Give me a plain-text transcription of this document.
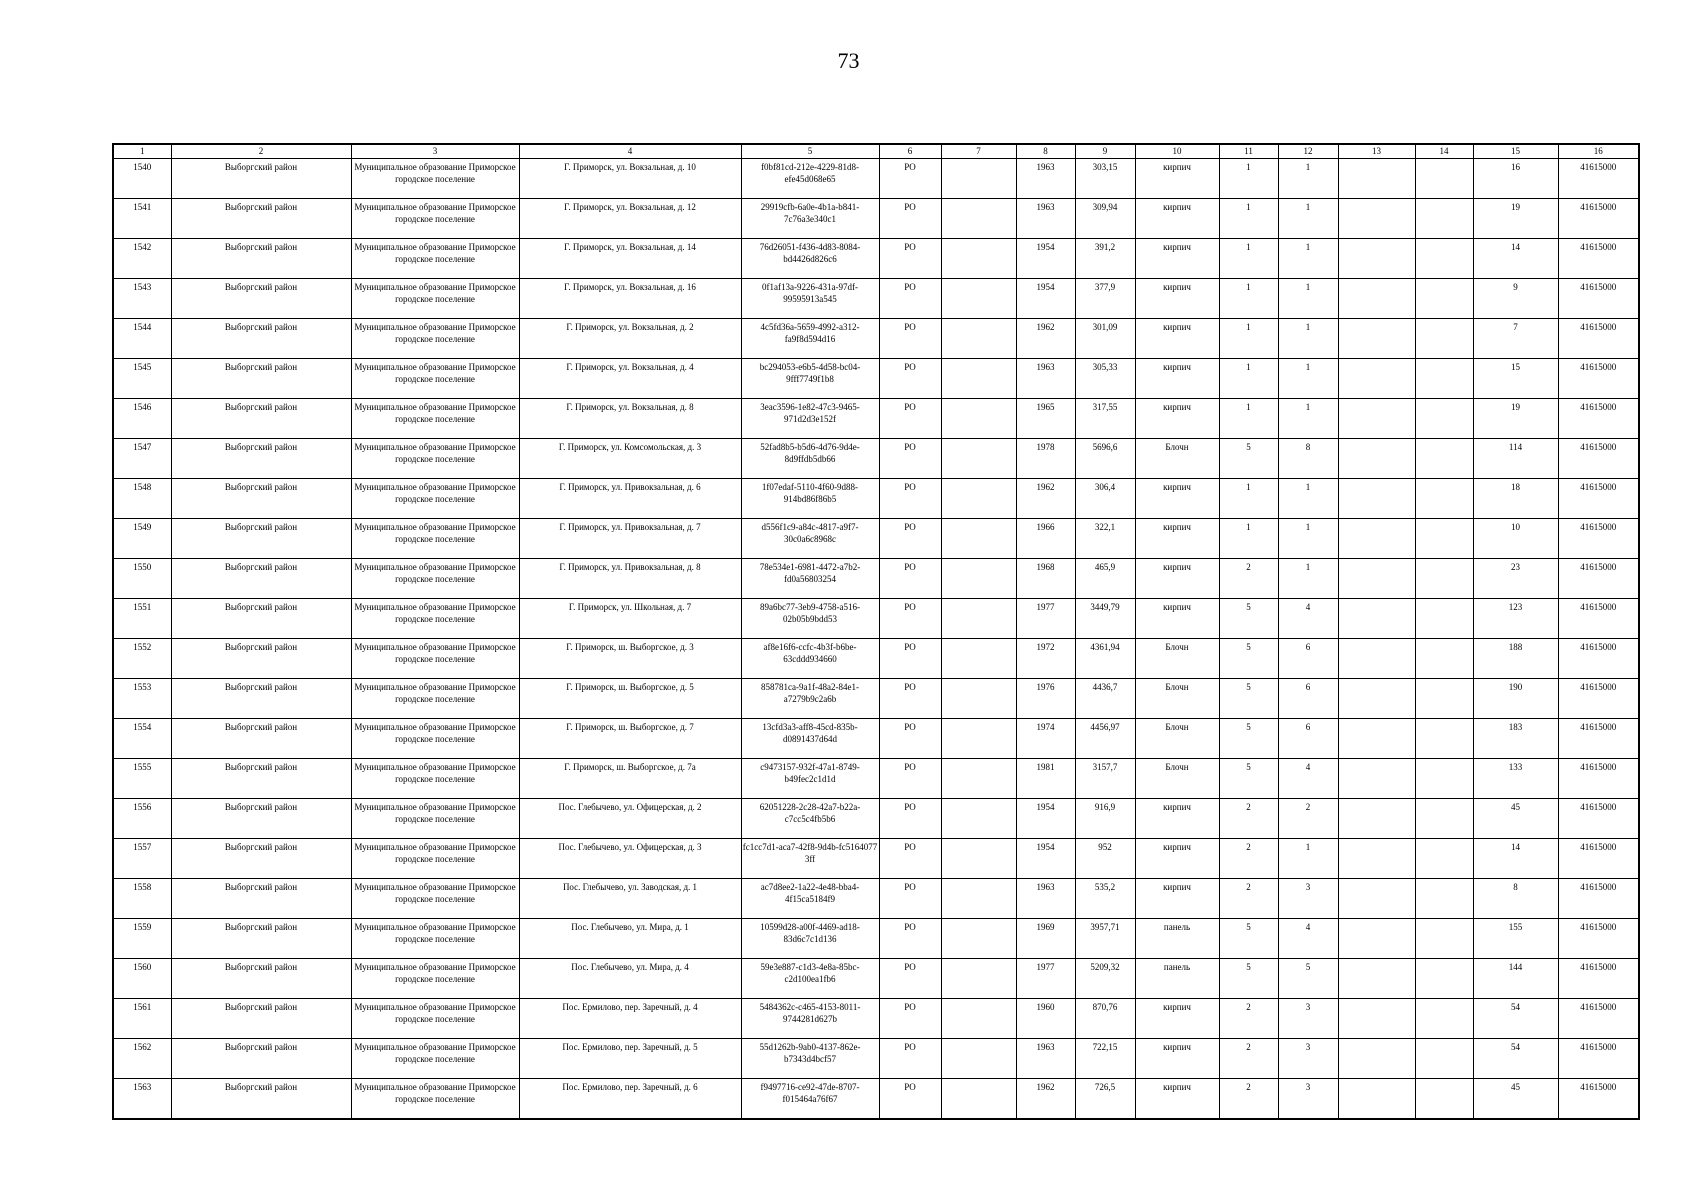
73
1	2	3	4	5	6	7	8	9	10	11	12	13	14	15	16
1540	Выборгский район	Муниципальное образование Приморское городское поселение	Г. Приморск, ул. Вокзальная, д. 10	f0bf81cd-212e-4229-81d8-efe45d068e65	РО		1963	303,15	кирпич	1	1			16	41615000
1541	Выборгский район	Муниципальное образование Приморское городское поселение	Г. Приморск, ул. Вокзальная, д. 12	29919cfb-6a0e-4b1a-b841-7c76a3e340c1	РО		1963	309,94	кирпич	1	1			19	41615000
1542	Выборгский район	Муниципальное образование Приморское городское поселение	Г. Приморск, ул. Вокзальная, д. 14	76d26051-f436-4d83-8084-bd4426d826c6	РО		1954	391,2	кирпич	1	1			14	41615000
1543	Выборгский район	Муниципальное образование Приморское городское поселение	Г. Приморск, ул. Вокзальная, д. 16	0f1af13a-9226-431a-97df-99595913a545	РО		1954	377,9	кирпич	1	1			9	41615000
1544	Выборгский район	Муниципальное образование Приморское городское поселение	Г. Приморск, ул. Вокзальная, д. 2	4c5fd36a-5659-4992-a312-fa9f8d594d16	РО		1962	301,09	кирпич	1	1			7	41615000
1545	Выборгский район	Муниципальное образование Приморское городское поселение	Г. Приморск, ул. Вокзальная, д. 4	bc294053-e6b5-4d58-bc04-9fff7749f1b8	РО		1963	305,33	кирпич	1	1			15	41615000
1546	Выборгский район	Муниципальное образование Приморское городское поселение	Г. Приморск, ул. Вокзальная, д. 8	3eac3596-1e82-47c3-9465-971d2d3e152f	РО		1965	317,55	кирпич	1	1			19	41615000
1547	Выборгский район	Муниципальное образование Приморское городское поселение	Г. Приморск, ул. Комсомольская, д. 3	52fad8b5-b5d6-4d76-9d4e-8d9ffdb5db66	РО		1978	5696,6	Блочн	5	8			114	41615000
1548	Выборгский район	Муниципальное образование Приморское городское поселение	Г. Приморск, ул. Привокзальная, д. 6	1f07edaf-5110-4f60-9d88-914bd86f86b5	РО		1962	306,4	кирпич	1	1			18	41615000
1549	Выборгский район	Муниципальное образование Приморское городское поселение	Г. Приморск, ул. Привокзальная, д. 7	d556f1c9-a84c-4817-a9f7-30c0a6c8968c	РО		1966	322,1	кирпич	1	1			10	41615000
1550	Выборгский район	Муниципальное образование Приморское городское поселение	Г. Приморск, ул. Привокзальная, д. 8	78e534e1-6981-4472-a7b2-fd0a56803254	РО		1968	465,9	кирпич	2	1			23	41615000
1551	Выборгский район	Муниципальное образование Приморское городское поселение	Г. Приморск, ул. Школьная, д. 7	89a6bc77-3eb9-4758-a516-02b05b9bdd53	РО		1977	3449,79	кирпич	5	4			123	41615000
1552	Выборгский район	Муниципальное образование Приморское городское поселение	Г. Приморск, ш. Выборгское, д. 3	af8e16f6-ccfc-4b3f-b6be-63cddd934660	РО		1972	4361,94	Блочн	5	6			188	41615000
1553	Выборгский район	Муниципальное образование Приморское городское поселение	Г. Приморск, ш. Выборгское, д. 5	858781ca-9a1f-48a2-84e1-a7279b9c2a6b	РО		1976	4436,7	Блочн	5	6			190	41615000
1554	Выборгский район	Муниципальное образование Приморское городское поселение	Г. Приморск, ш. Выборгское, д. 7	13cfd3a3-aff8-45cd-835b-d0891437d64d	РО		1974	4456,97	Блочн	5	6			183	41615000
1555	Выборгский район	Муниципальное образование Приморское городское поселение	Г. Приморск, ш. Выборгское, д. 7а	c9473157-932f-47a1-8749-b49fec2c1d1d	РО		1981	3157,7	Блочн	5	4			133	41615000
1556	Выборгский район	Муниципальное образование Приморское городское поселение	Пос. Глебычево, ул. Офицерская, д. 2	62051228-2c28-42a7-b22a-c7cc5c4fb5b6	РО		1954	916,9	кирпич	2	2			45	41615000
1557	Выборгский район	Муниципальное образование Приморское городское поселение	Пос. Глебычево, ул. Офицерская, д. 3	fc1cc7d1-aca7-42f8-9d4b-fc5164077 3ff	РО		1954	952	кирпич	2	1			14	41615000
1558	Выборгский район	Муниципальное образование Приморское городское поселение	Пос. Глебычево, ул. Заводская, д. 1	ac7d8ee2-1a22-4e48-bba4-4f15ca5184f9	РО		1963	535,2	кирпич	2	3			8	41615000
1559	Выборгский район	Муниципальное образование Приморское городское поселение	Пос. Глебычево, ул. Мира, д. 1	10599d28-a00f-4469-ad18-83d6c7c1d136	РО		1969	3957,71	панель	5	4			155	41615000
1560	Выборгский район	Муниципальное образование Приморское городское поселение	Пос. Глебычево, ул. Мира, д. 4	59e3e887-c1d3-4e8a-85bc-c2d100ea1fb6	РО		1977	5209,32	панель	5	5			144	41615000
1561	Выборгский район	Муниципальное образование Приморское городское поселение	Пос. Ермилово, пер. Заречный, д. 4	5484362c-c465-4153-8011-9744281d627b	РО		1960	870,76	кирпич	2	3			54	41615000
1562	Выборгский район	Муниципальное образование Приморское городское поселение	Пос. Ермилово, пер. Заречный, д. 5	55d1262b-9ab0-4137-862e-b7343d4bcf57	РО		1963	722,15	кирпич	2	3			54	41615000
1563	Выборгский район	Муниципальное образование Приморское городское поселение	Пос. Ермилово, пер. Заречный, д. 6	f9497716-ce92-47de-8707-f015464a76f67	РО		1962	726,5	кирпич	2	3			45	41615000
